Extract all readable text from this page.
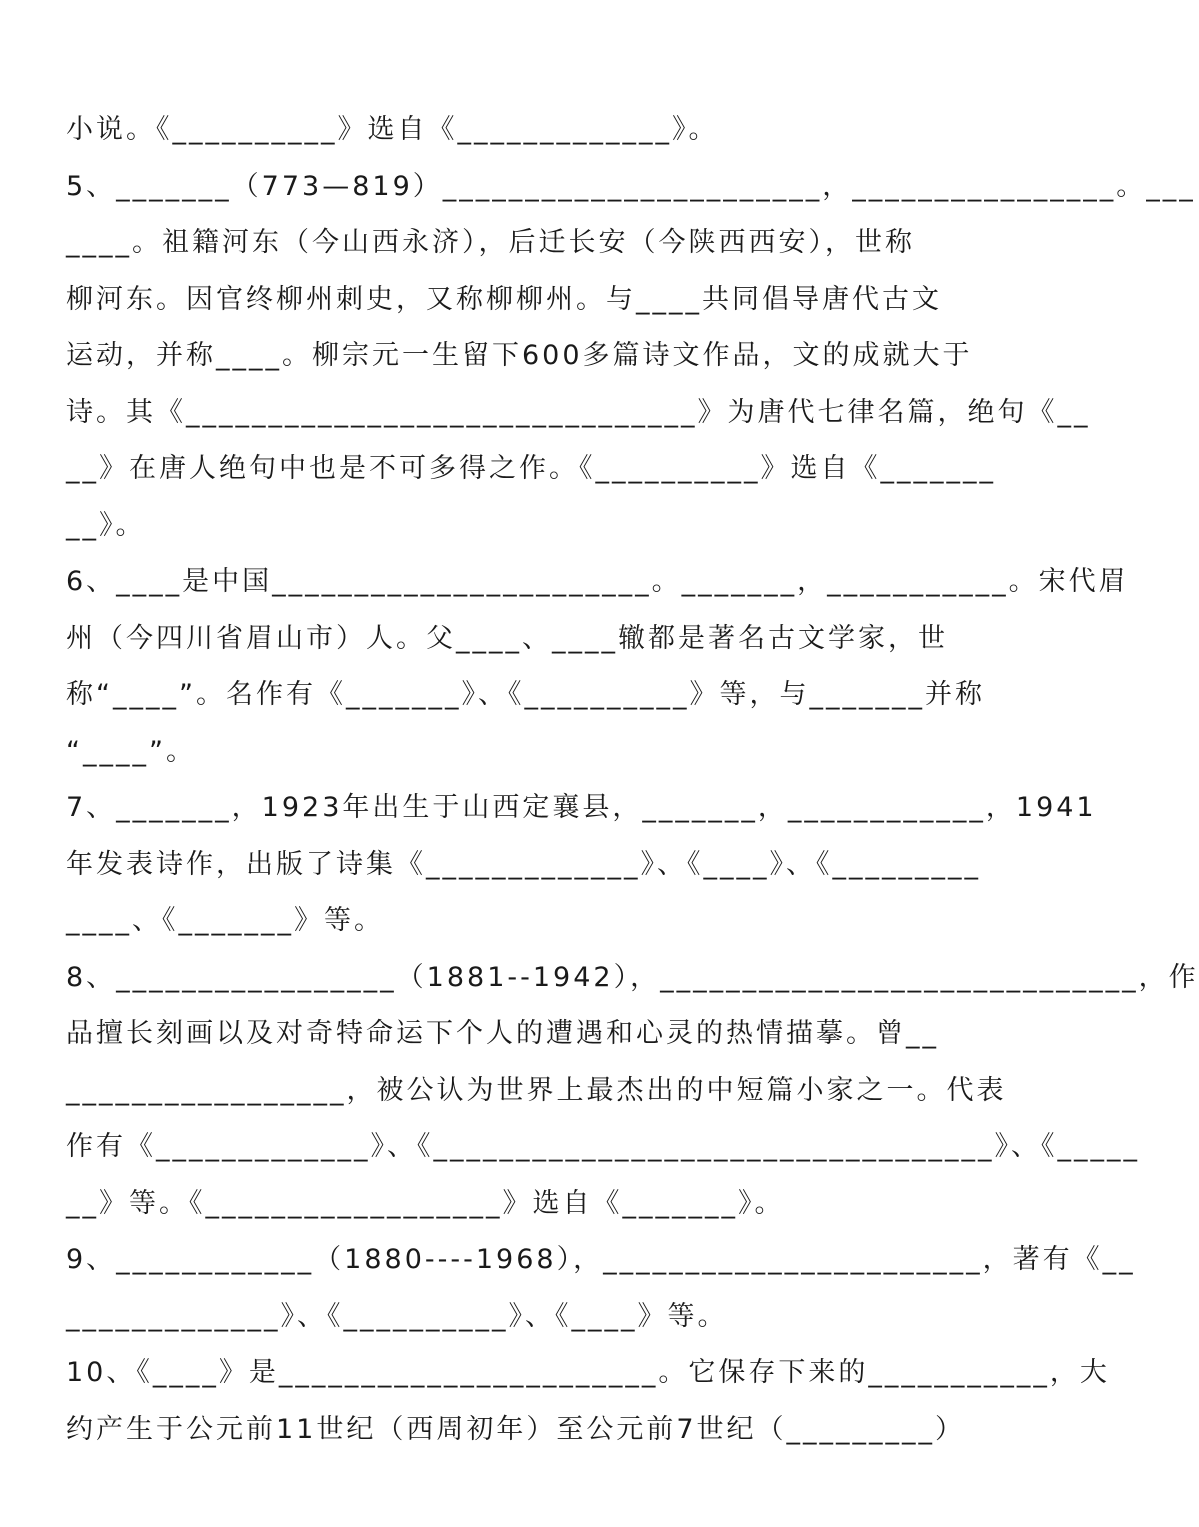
小说。《__________》选自《_____________》。
5、_______（773—819）_______________________，________________。___
____。祖籍河东（今山西永济），后迁长安（今陕西西安），世称
柳河东。因官终柳州刺史，又称柳柳州。与____共同倡导唐代古文
运动，并称____。柳宗元一生留下600多篇诗文作品，文的成就大于
诗。其《_______________________________》为唐代七律名篇，绝句《__
__》在唐人绝句中也是不可多得之作。《__________》选自《_______
__》。
6、____是中国_______________________。_______，___________。宋代眉
州（今四川省眉山市）人。父____、____辙都是著名古文学家，世
称“____”。名作有《_______》、《__________》等，与_______并称
“____”。
7、_______，1923年出生于山西定襄县，_______，____________，1941
年发表诗作，出版了诗集《_____________》、《____》、《_________
____、《_______》等。
8、_________________（1881--1942），_____________________________，作
品擅长刻画以及对奇特命运下个人的遭遇和心灵的热情描摹。曾__
_________________，被公认为世界上最杰出的中短篇小家之一。代表
作有《_____________》、《__________________________________》、《_____
__》等。《__________________》选自《_______》。
9、____________（1880----1968），_______________________，著有《__
_____________》、《__________》、《____》等。
10、《____》是_______________________。它保存下来的___________，大
约产生于公元前11世纪（西周初年）至公元前7世纪（_________）
